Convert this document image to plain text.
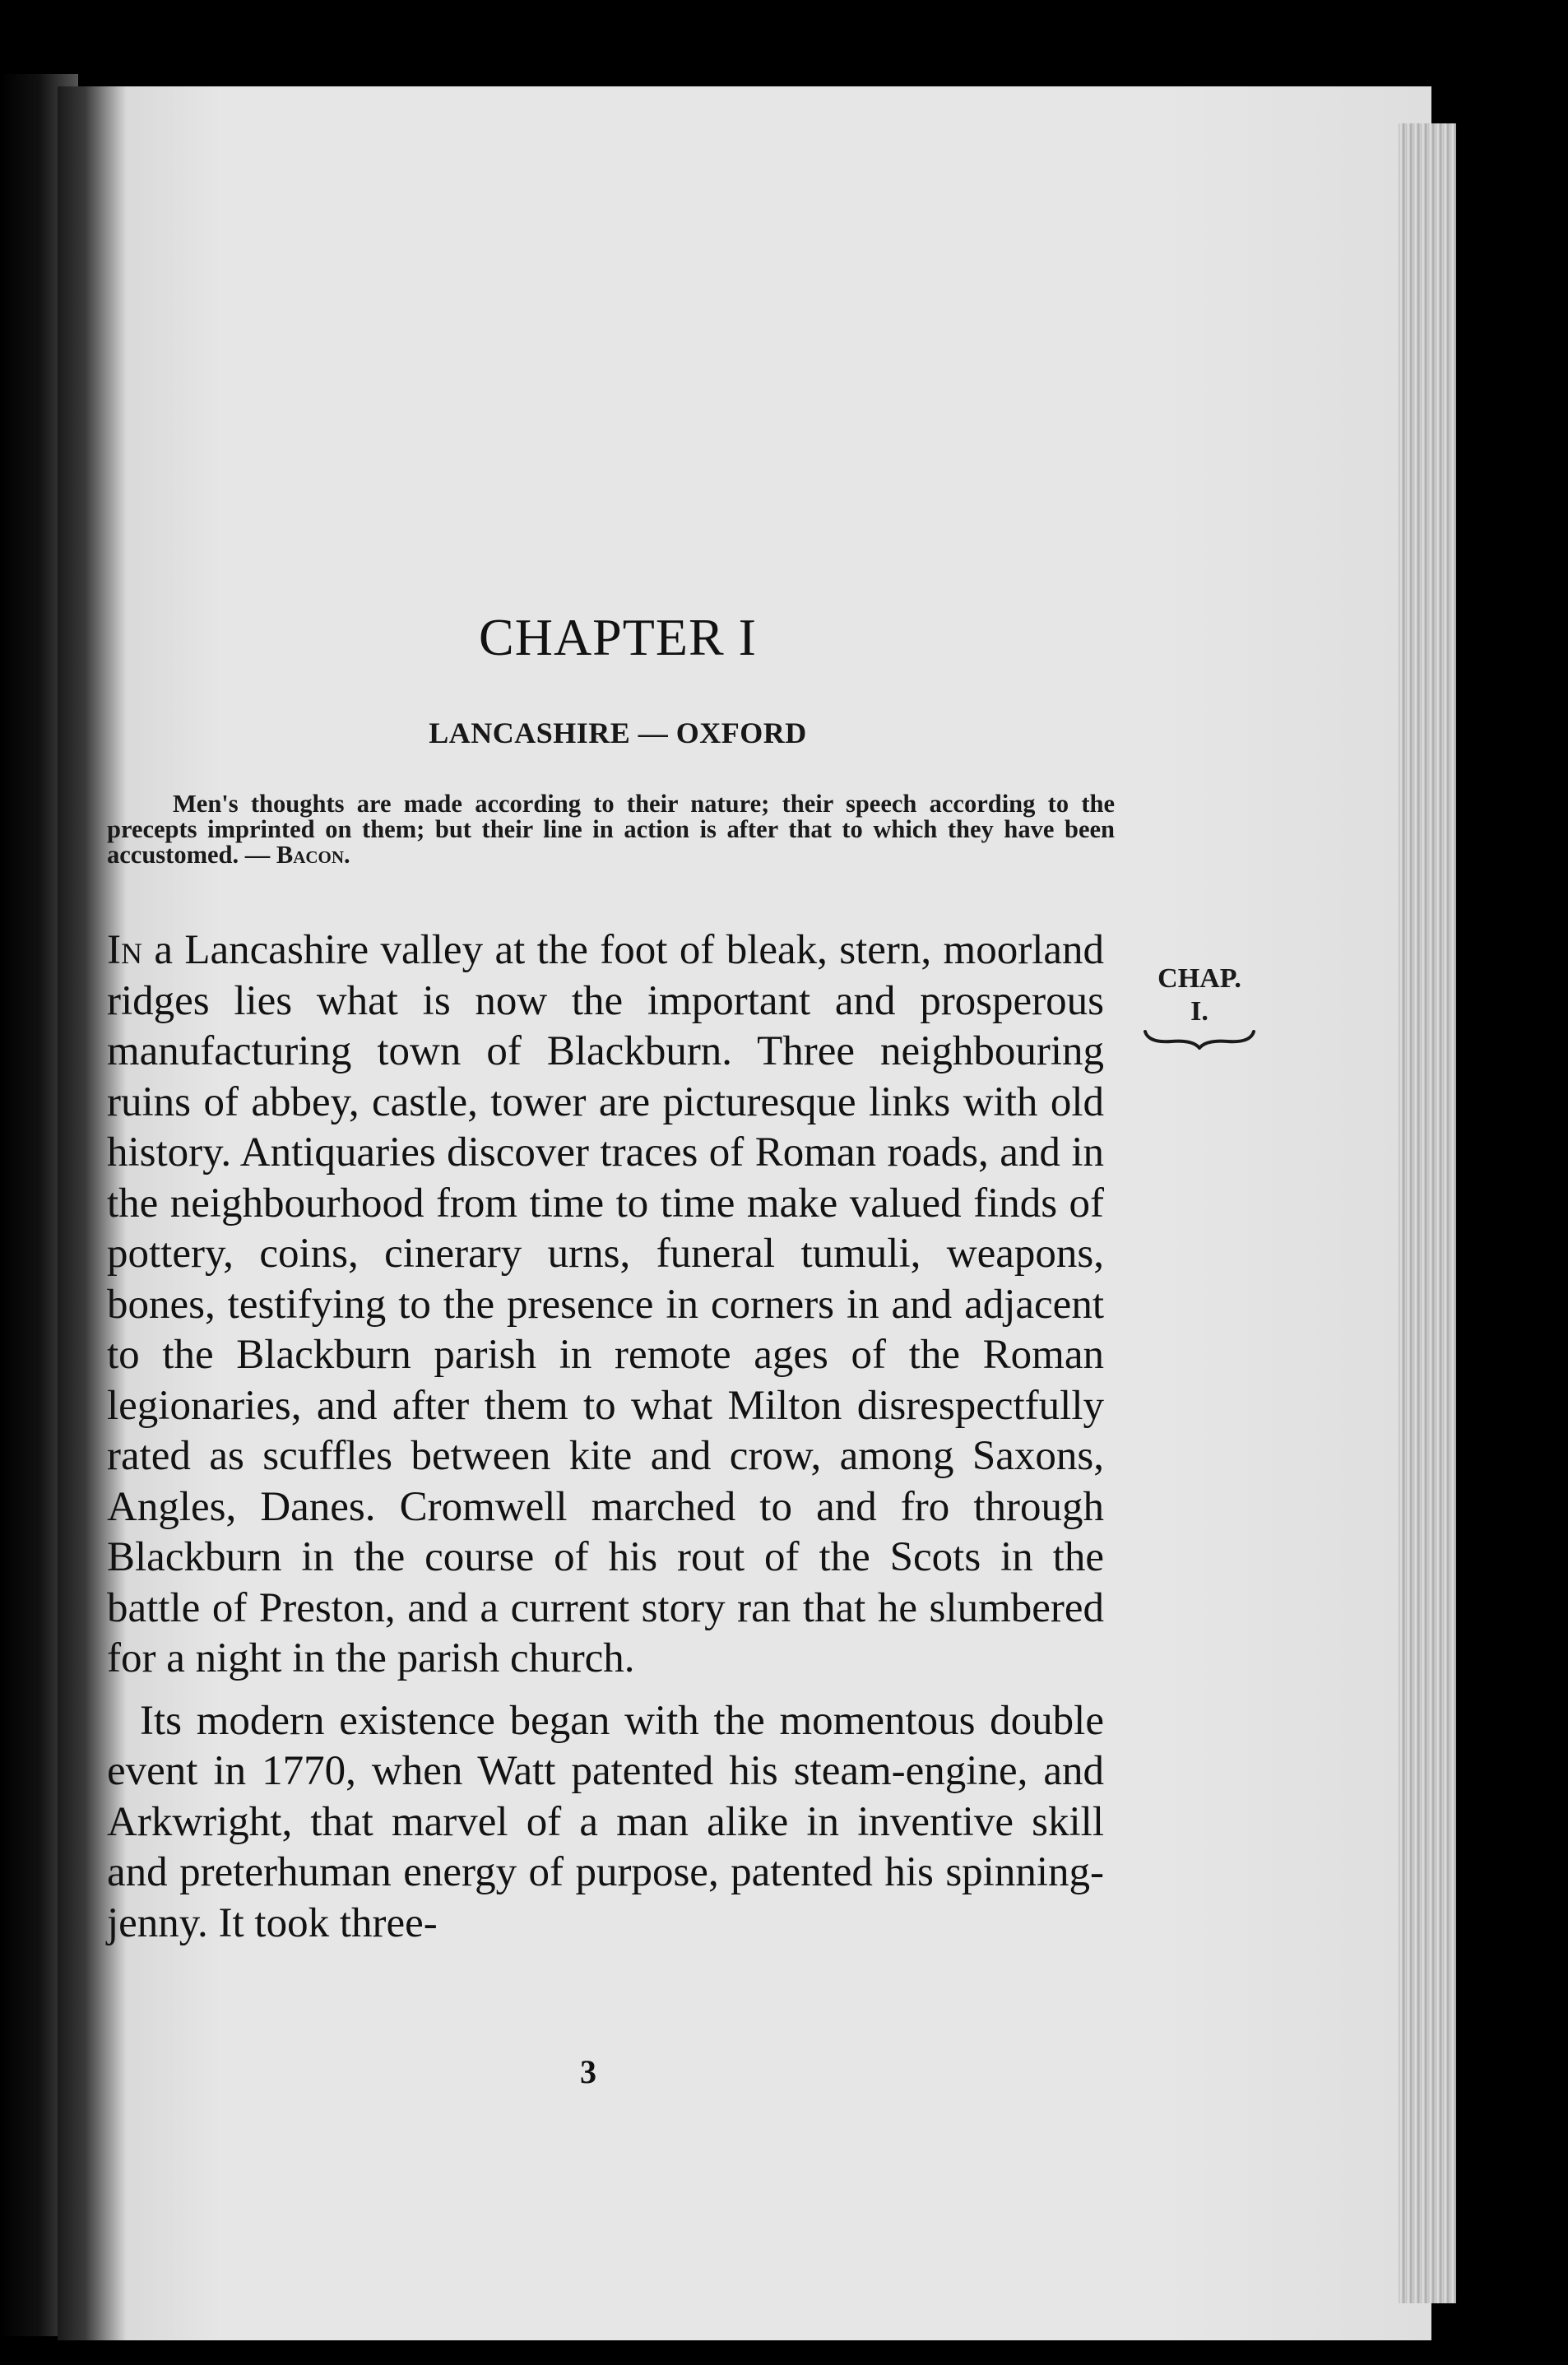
CHAPTER I
LANCASHIRE — OXFORD

Men's thoughts are made according to their nature; their speech according to the precepts imprinted on them; but their line in action is after that to which they have been accustomed. — Bacon.

In a Lancashire valley at the foot of bleak, stern, moorland ridges lies what is now the important and prosperous manufacturing town of Blackburn. Three neighbouring ruins of abbey, castle, tower are picturesque links with old history. Antiquaries discover traces of Roman roads, and in the neighbourhood from time to time make valued finds of pottery, coins, cinerary urns, funeral tumuli, weapons, bones, testifying to the presence in corners in and adjacent to the Blackburn parish in remote ages of the Roman legionaries, and after them to what Milton disrespectfully rated as scuffles between kite and crow, among Saxons, Angles, Danes. Cromwell marched to and fro through Blackburn in the course of his rout of the Scots in the battle of Preston, and a current story ran that he slumbered for a night in the parish church.

Its modern existence began with the momentous double event in 1770, when Watt patented his steam-engine, and Arkwright, that marvel of a man alike in inventive skill and preterhuman energy of purpose, patented his spinning-jenny. It took three-

CHAP.
I.
3
